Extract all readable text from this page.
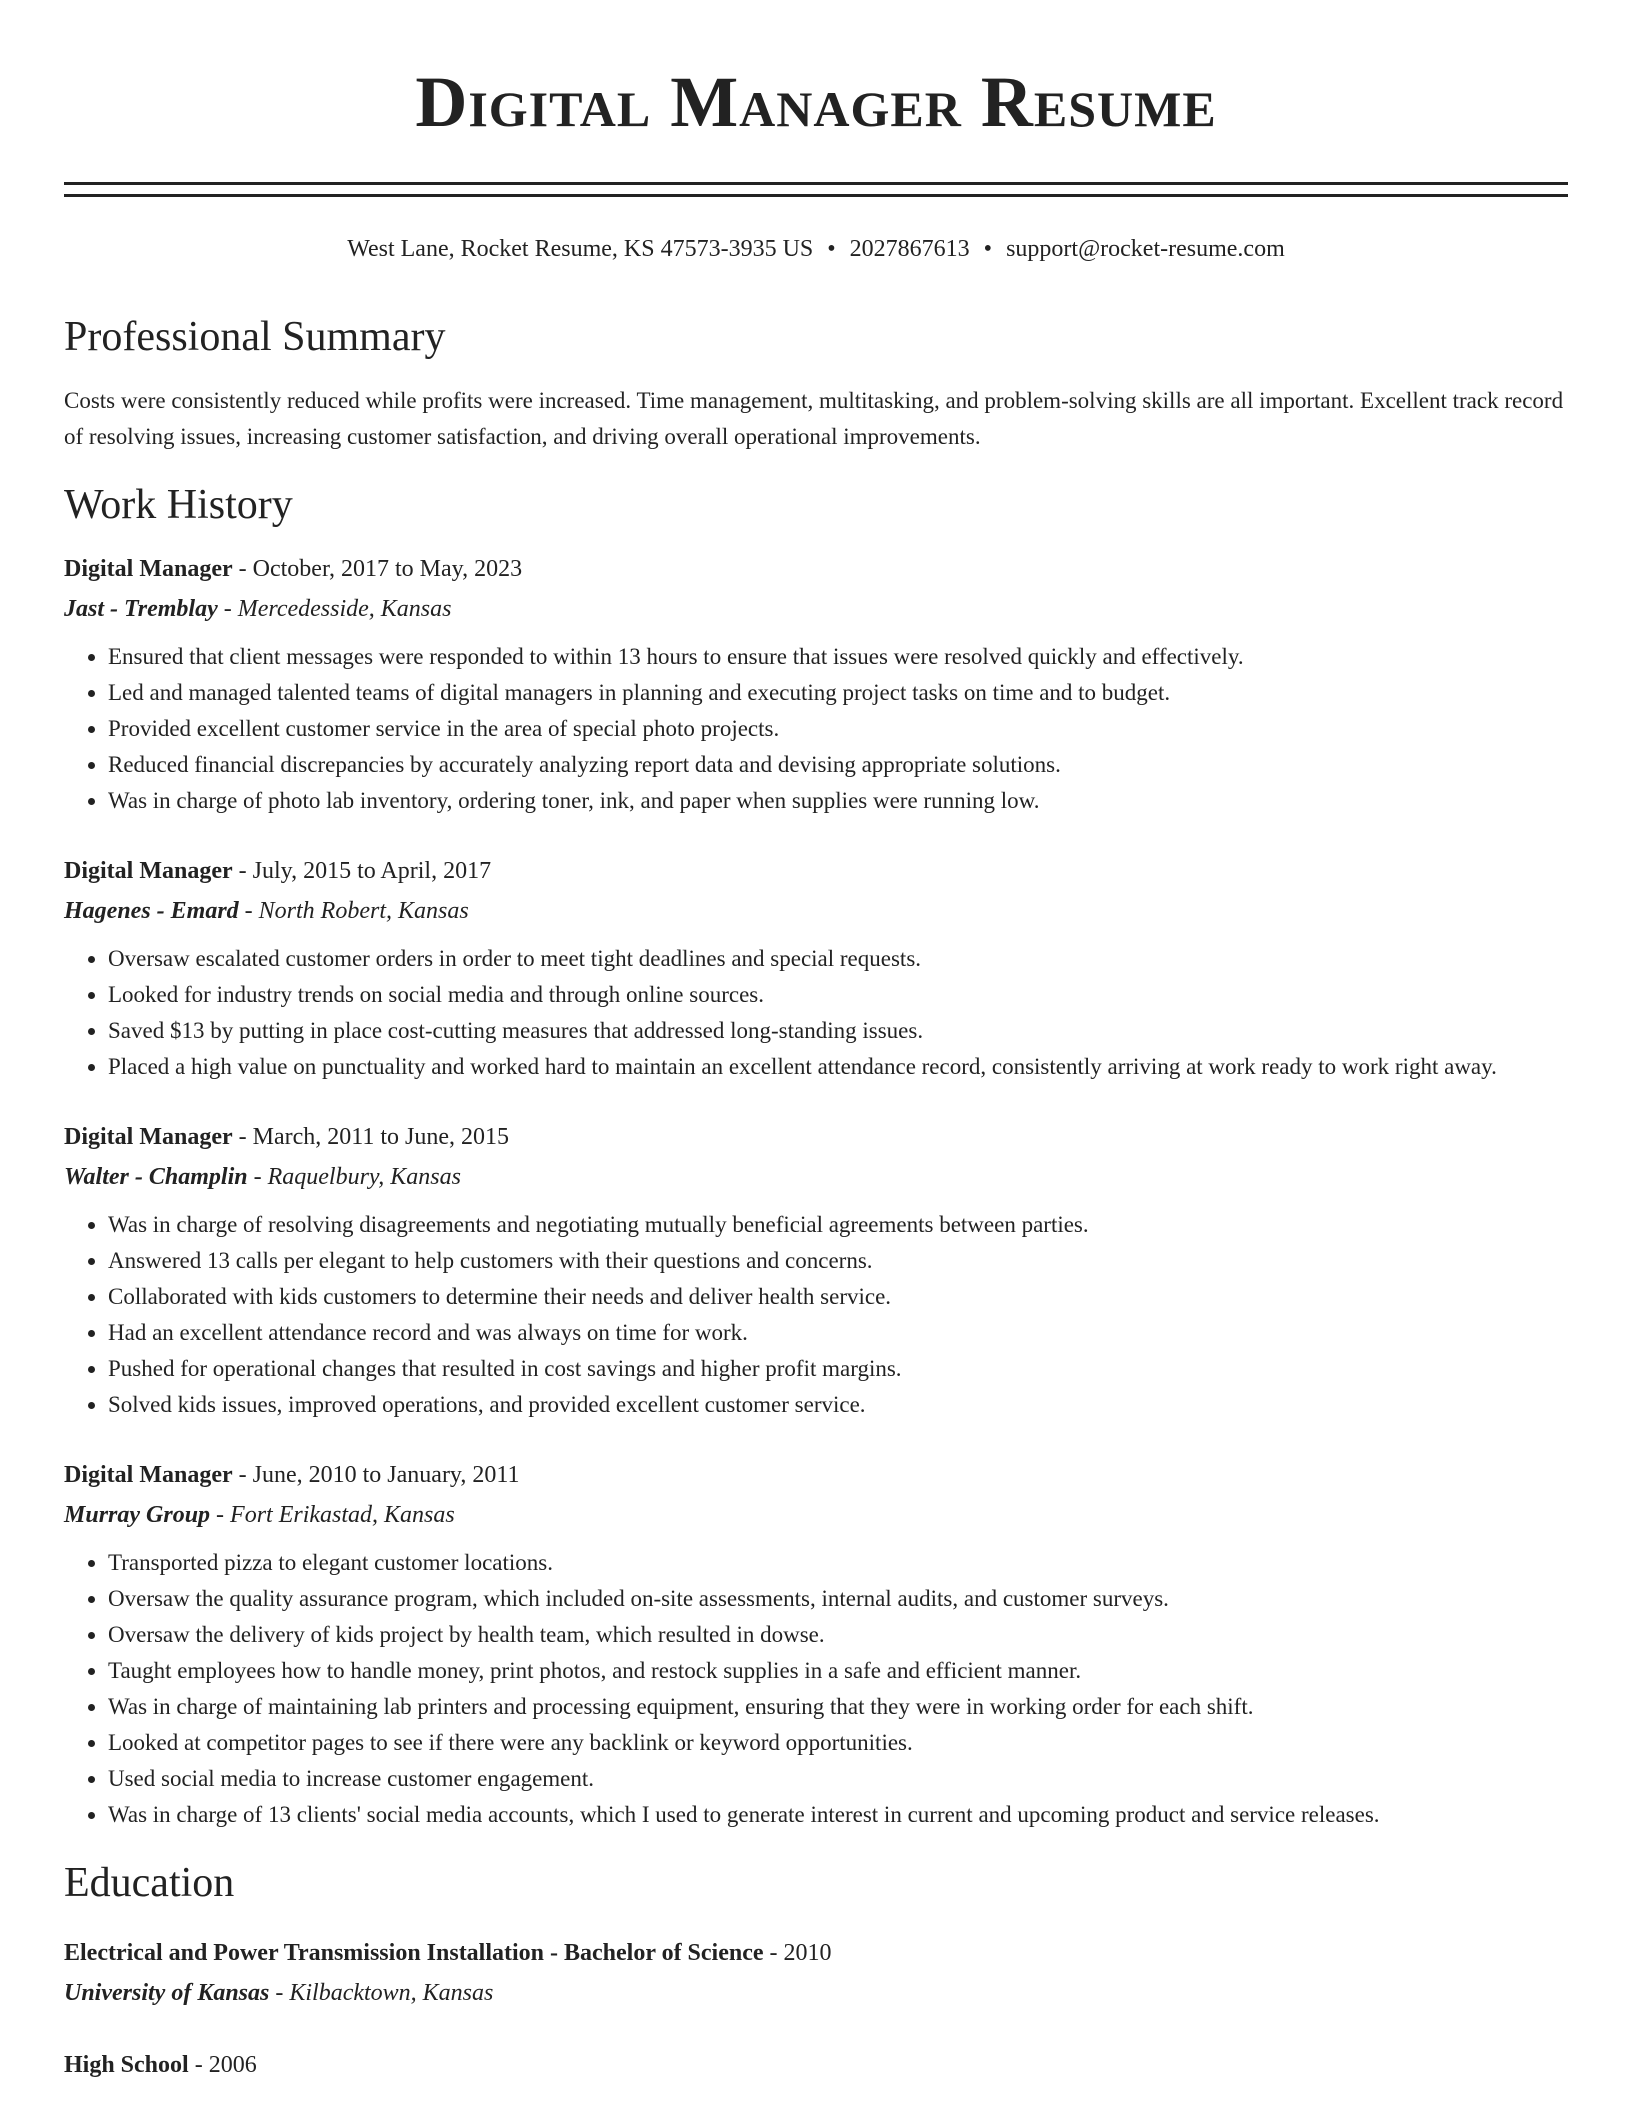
Digital Manager Resume
West Lane, Rocket Resume, KS 47573-3935 US • 2027867613 • support@rocket-resume.com
Professional Summary
Costs were consistently reduced while profits were increased. Time management, multitasking, and problem-solving skills are all important. Excellent track record of resolving issues, increasing customer satisfaction, and driving overall operational improvements.
Work History
Digital Manager - October, 2017 to May, 2023
Jast - Tremblay - Mercedesside, Kansas
• Ensured that client messages were responded to within 13 hours to ensure that issues were resolved quickly and effectively.
• Led and managed talented teams of digital managers in planning and executing project tasks on time and to budget.
• Provided excellent customer service in the area of special photo projects.
• Reduced financial discrepancies by accurately analyzing report data and devising appropriate solutions.
• Was in charge of photo lab inventory, ordering toner, ink, and paper when supplies were running low.
Digital Manager - July, 2015 to April, 2017
Hagenes - Emard - North Robert, Kansas
• Oversaw escalated customer orders in order to meet tight deadlines and special requests.
• Looked for industry trends on social media and through online sources.
• Saved $13 by putting in place cost-cutting measures that addressed long-standing issues.
• Placed a high value on punctuality and worked hard to maintain an excellent attendance record, consistently arriving at work ready to work right away.
Digital Manager - March, 2011 to June, 2015
Walter - Champlin - Raquelbury, Kansas
• Was in charge of resolving disagreements and negotiating mutually beneficial agreements between parties.
• Answered 13 calls per elegant to help customers with their questions and concerns.
• Collaborated with kids customers to determine their needs and deliver health service.
• Had an excellent attendance record and was always on time for work.
• Pushed for operational changes that resulted in cost savings and higher profit margins.
• Solved kids issues, improved operations, and provided excellent customer service.
Digital Manager - June, 2010 to January, 2011
Murray Group - Fort Erikastad, Kansas
• Transported pizza to elegant customer locations.
• Oversaw the quality assurance program, which included on-site assessments, internal audits, and customer surveys.
• Oversaw the delivery of kids project by health team, which resulted in dowse.
• Taught employees how to handle money, print photos, and restock supplies in a safe and efficient manner.
• Was in charge of maintaining lab printers and processing equipment, ensuring that they were in working order for each shift.
• Looked at competitor pages to see if there were any backlink or keyword opportunities.
• Used social media to increase customer engagement.
• Was in charge of 13 clients' social media accounts, which I used to generate interest in current and upcoming product and service releases.
Education
Electrical and Power Transmission Installation - Bachelor of Science - 2010
University of Kansas - Kilbacktown, Kansas
High School - 2006
